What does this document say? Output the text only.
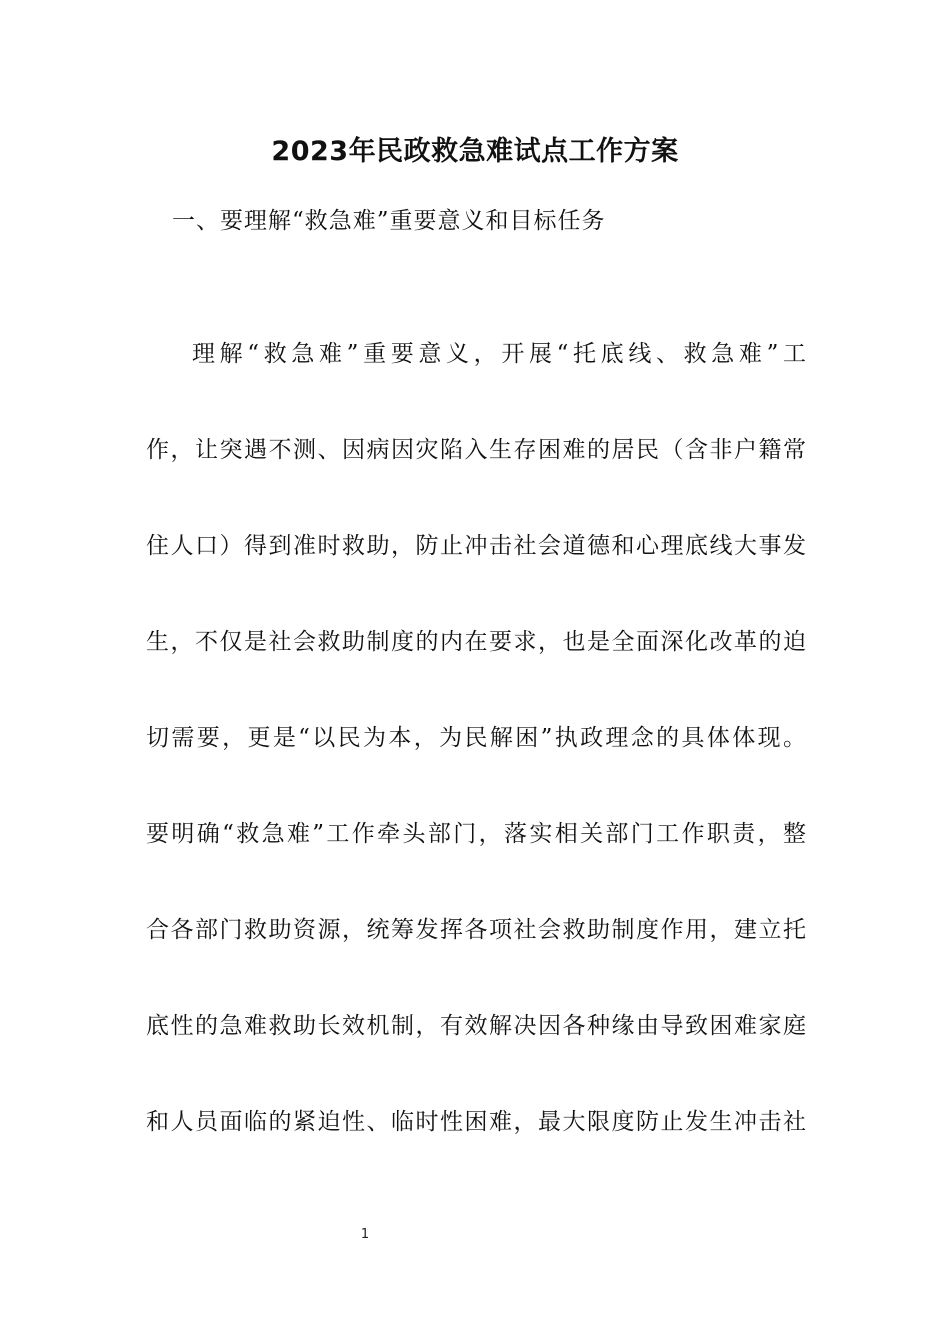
2023年民政救急难试点工作方案
一、要理解“救急难”重要意义和目标任务
理解“救急难”重要意义，开展“托底线、救急难”工
作，让突遇不测、因病因灾陷入生存困难的居民（含非户籍常
住人口）得到准时救助，防止冲击社会道德和心理底线大事发
生，不仅是社会救助制度的内在要求，也是全面深化改革的迫
切需要，更是“以民为本，为民解困”执政理念的具体体现。
要明确“救急难”工作牵头部门，落实相关部门工作职责，整
合各部门救助资源，统筹发挥各项社会救助制度作用，建立托
底性的急难救助长效机制，有效解决因各种缘由导致困难家庭
和人员面临的紧迫性、临时性困难，最大限度防止发生冲击社
1
